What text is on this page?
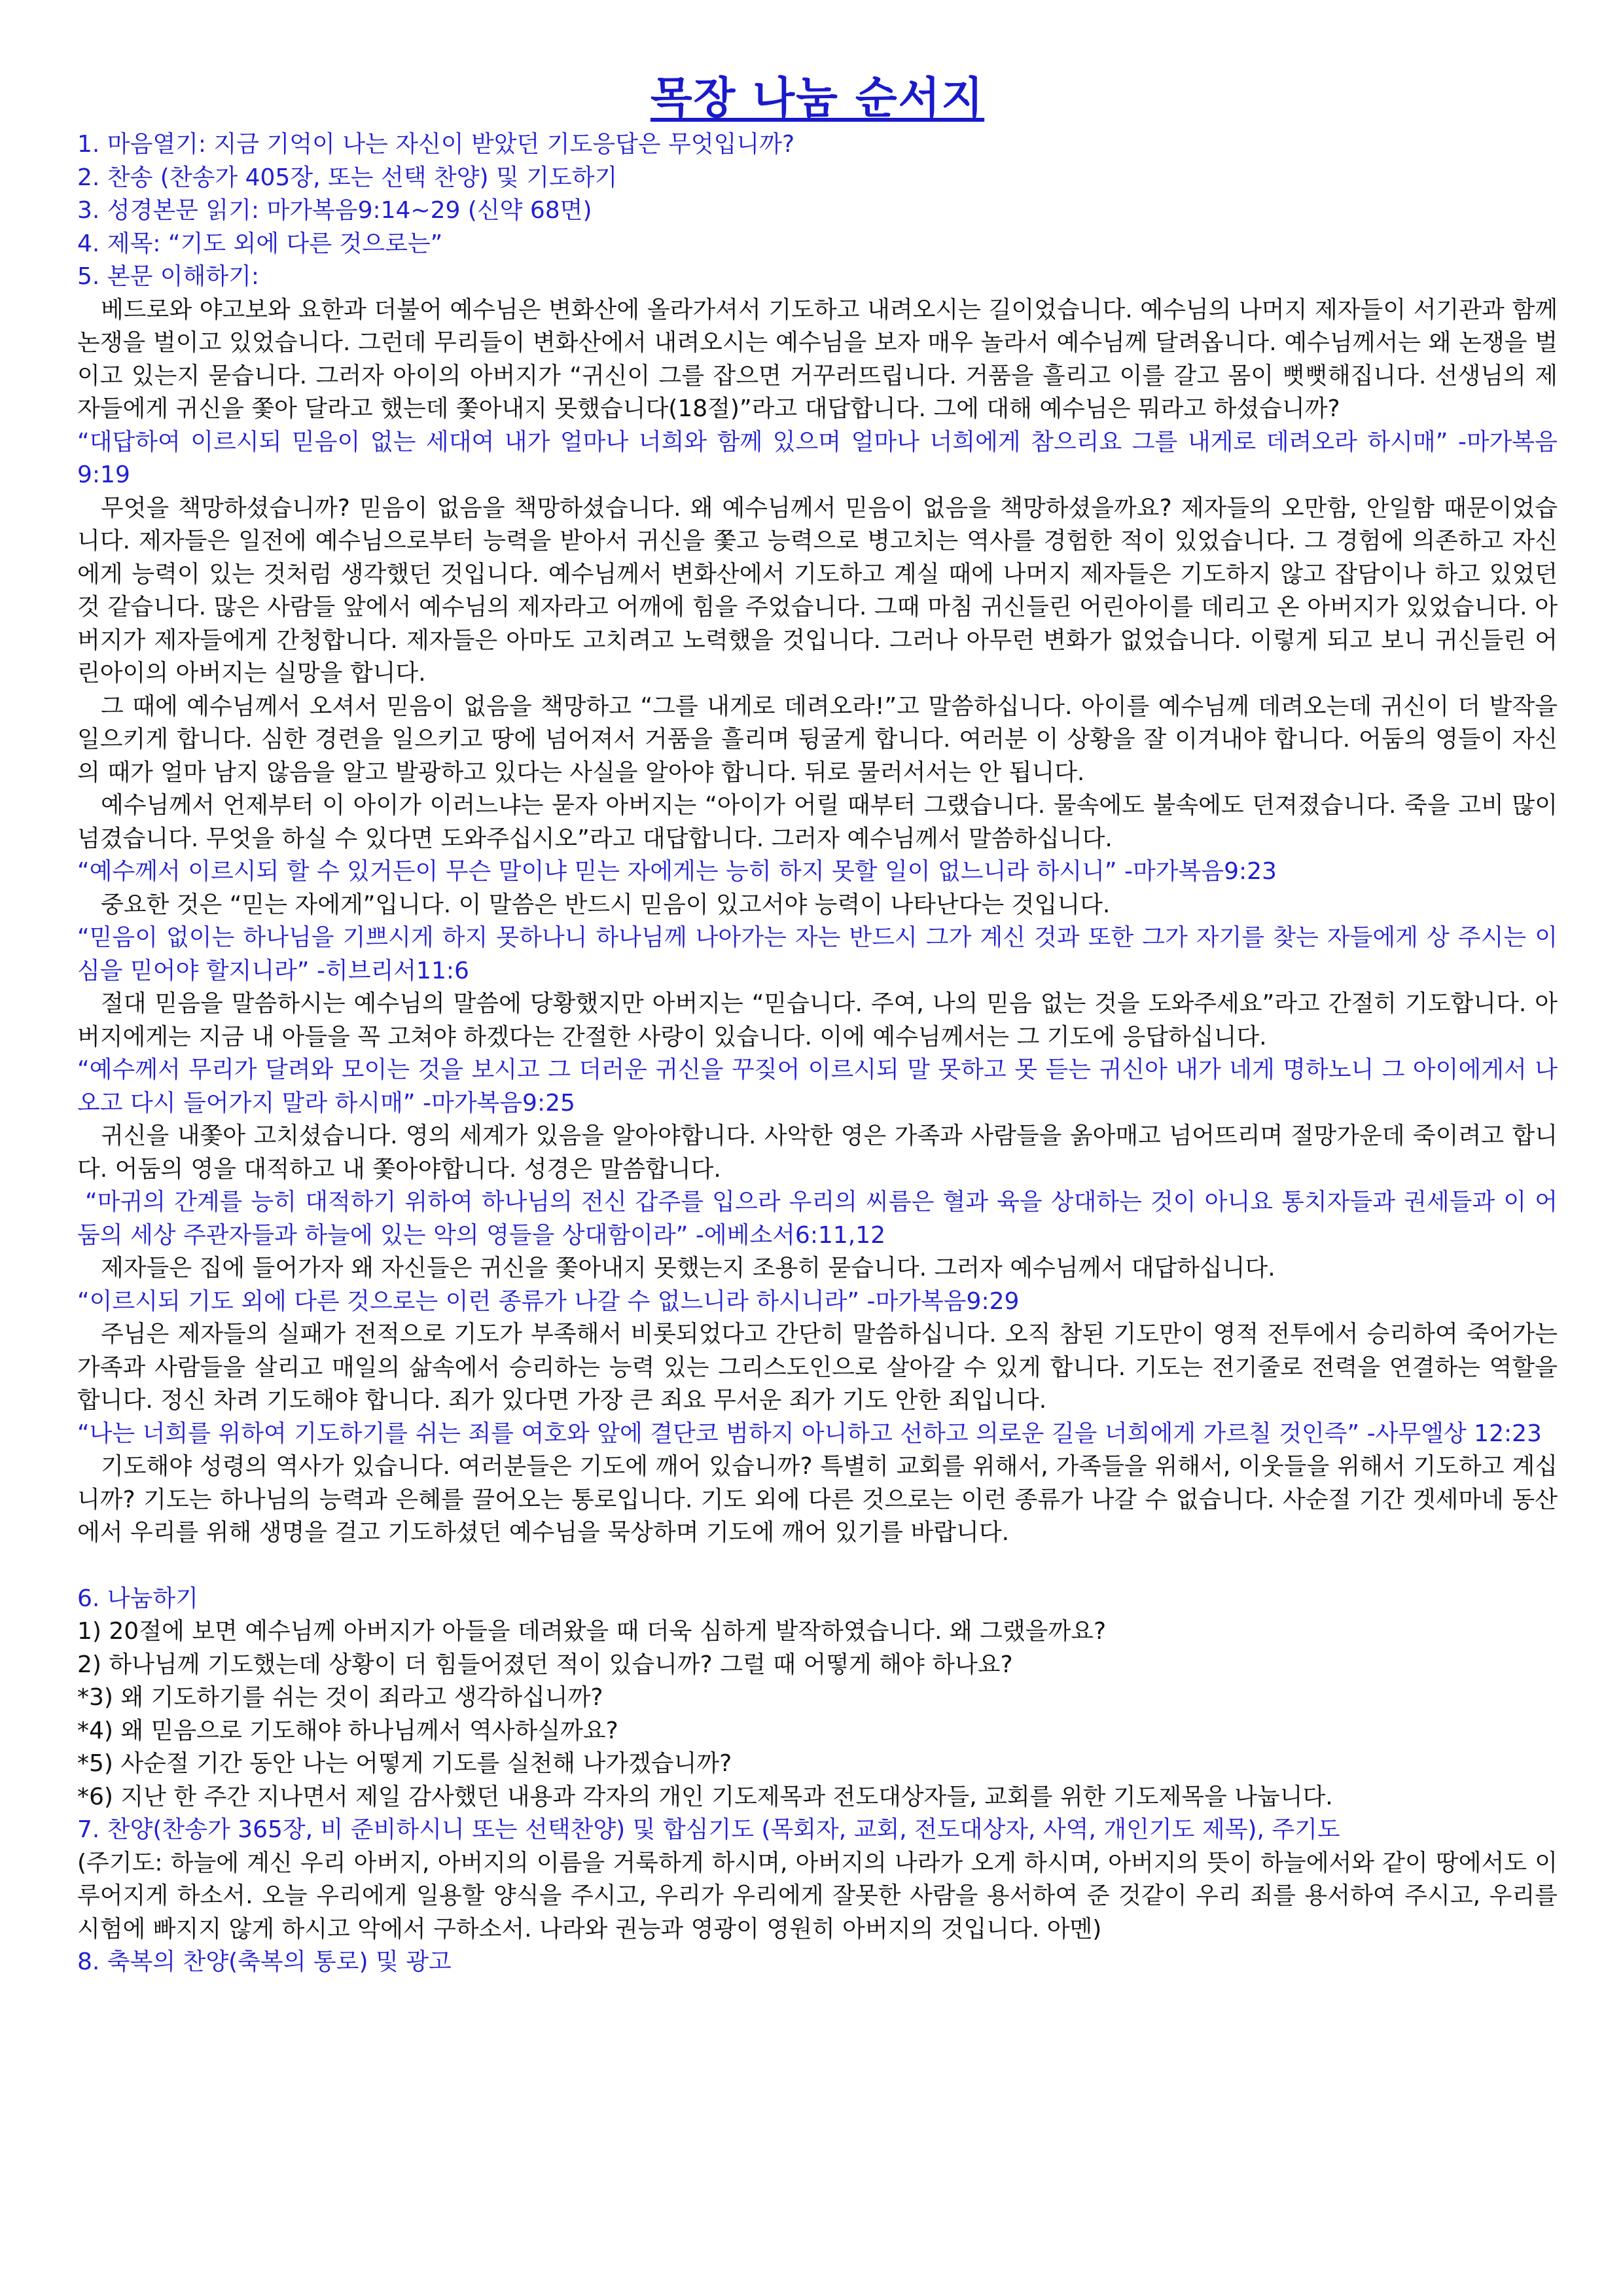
목장 나눔 순서지
1. 마음열기: 지금 기억이 나는 자신이 받았던 기도응답은 무엇입니까?
2. 찬송 (찬송가 405장, 또는 선택 찬양) 및 기도하기
3. 성경본문 읽기: 마가복음9:14~29 (신약 68면)
4. 제목: “기도 외에 다른 것으로는”
5. 본문 이해하기:

베드로와 야고보와 요한과 더불어 예수님은 변화산에 올라가셔서 기도하고 내려오시는 길이었습니다. 예수님의 나머지 제자들이 서기관과 함께 논쟁을 벌이고 있었습니다. 그런데 무리들이 변화산에서 내려오시는 예수님을 보자 매우 놀라서 예수님께 달려옵니다. 예수님께서는 왜 논쟁을 벌이고 있는지 묻습니다. 그러자 아이의 아버지가 “귀신이 그를 잡으면 거꾸러뜨립니다. 거품을 흘리고 이를 갈고 몸이 뻣뻣해집니다. 선생님의 제자들에게 귀신을 쫓아 달라고 했는데 쫓아내지 못했습니다(18절)”라고 대답합니다. 그에 대해 예수님은 뭐라고 하셨습니까?

“대답하여 이르시되 믿음이 없는 세대여 내가 얼마나 너희와 함께 있으며 얼마나 너희에게 참으리요 그를 내게로 데려오라 하시매” -마가복음9:19

무엇을 책망하셨습니까? 믿음이 없음을 책망하셨습니다. 왜 예수님께서 믿음이 없음을 책망하셨을까요? 제자들의 오만함, 안일함 때문이었습니다. 제자들은 일전에 예수님으로부터 능력을 받아서 귀신을 쫓고 능력으로 병고치는 역사를 경험한 적이 있었습니다. 그 경험에 의존하고 자신에게 능력이 있는 것처럼 생각했던 것입니다. 예수님께서 변화산에서 기도하고 계실 때에 나머지 제자들은 기도하지 않고 잡담이나 하고 있었던 것 같습니다. 많은 사람들 앞에서 예수님의 제자라고 어깨에 힘을 주었습니다. 그때 마침 귀신들린 어린아이를 데리고 온 아버지가 있었습니다. 아버지가 제자들에게 간청합니다. 제자들은 아마도 고치려고 노력했을 것입니다. 그러나 아무런 변화가 없었습니다. 이렇게 되고 보니 귀신들린 어린아이의 아버지는 실망을 합니다.

그 때에 예수님께서 오셔서 믿음이 없음을 책망하고 “그를 내게로 데려오라!”고 말씀하십니다. 아이를 예수님께 데려오는데 귀신이 더 발작을 일으키게 합니다. 심한 경련을 일으키고 땅에 넘어져서 거품을 흘리며 뒹굴게 합니다. 여러분 이 상황을 잘 이겨내야 합니다. 어둠의 영들이 자신의 때가 얼마 남지 않음을 알고 발광하고 있다는 사실을 알아야 합니다. 뒤로 물러서서는 안 됩니다.

예수님께서 언제부터 이 아이가 이러느냐는 묻자 아버지는 “아이가 어릴 때부터 그랬습니다. 물속에도 불속에도 던져졌습니다. 죽을 고비 많이 넘겼습니다. 무엇을 하실 수 있다면 도와주십시오”라고 대답합니다. 그러자 예수님께서 말씀하십니다.

“예수께서 이르시되 할 수 있거든이 무슨 말이냐 믿는 자에게는 능히 하지 못할 일이 없느니라 하시니” -마가복음9:23

중요한 것은 “믿는 자에게”입니다. 이 말씀은 반드시 믿음이 있고서야 능력이 나타난다는 것입니다.

“믿음이 없이는 하나님을 기쁘시게 하지 못하나니 하나님께 나아가는 자는 반드시 그가 계신 것과 또한 그가 자기를 찾는 자들에게 상 주시는 이심을 믿어야 할지니라” -히브리서11:6

절대 믿음을 말씀하시는 예수님의 말씀에 당황했지만 아버지는 “믿습니다. 주여, 나의 믿음 없는 것을 도와주세요”라고 간절히 기도합니다. 아버지에게는 지금 내 아들을 꼭 고쳐야 하겠다는 간절한 사랑이 있습니다. 이에 예수님께서는 그 기도에 응답하십니다.

“예수께서 무리가 달려와 모이는 것을 보시고 그 더러운 귀신을 꾸짖어 이르시되 말 못하고 못 듣는 귀신아 내가 네게 명하노니 그 아이에게서 나오고 다시 들어가지 말라 하시매” -마가복음9:25

귀신을 내쫓아 고치셨습니다. 영의 세계가 있음을 알아야합니다. 사악한 영은 가족과 사람들을 옭아매고 넘어뜨리며 절망가운데 죽이려고 합니다. 어둠의 영을 대적하고 내 쫓아야합니다. 성경은 말씀합니다.

“마귀의 간계를 능히 대적하기 위하여 하나님의 전신 갑주를 입으라 우리의 씨름은 혈과 육을 상대하는 것이 아니요 통치자들과 권세들과 이 어둠의 세상 주관자들과 하늘에 있는 악의 영들을 상대함이라” -에베소서6:11,12

제자들은 집에 들어가자 왜 자신들은 귀신을 쫓아내지 못했는지 조용히 묻습니다. 그러자 예수님께서 대답하십니다.

“이르시되 기도 외에 다른 것으로는 이런 종류가 나갈 수 없느니라 하시니라” -마가복음9:29

주님은 제자들의 실패가 전적으로 기도가 부족해서 비롯되었다고 간단히 말씀하십니다. 오직 참된 기도만이 영적 전투에서 승리하여 죽어가는 가족과 사람들을 살리고 매일의 삶속에서 승리하는 능력 있는 그리스도인으로 살아갈 수 있게 합니다. 기도는 전기줄로 전력을 연결하는 역할을 합니다. 정신 차려 기도해야 합니다. 죄가 있다면 가장 큰 죄요 무서운 죄가 기도 안한 죄입니다.

“나는 너희를 위하여 기도하기를 쉬는 죄를 여호와 앞에 결단코 범하지 아니하고 선하고 의로운 길을 너희에게 가르칠 것인즉” -사무엘상 12:23

기도해야 성령의 역사가 있습니다. 여러분들은 기도에 깨어 있습니까? 특별히 교회를 위해서, 가족들을 위해서, 이웃들을 위해서 기도하고 계십니까? 기도는 하나님의 능력과 은혜를 끌어오는 통로입니다. 기도 외에 다른 것으로는 이런 종류가 나갈 수 없습니다. 사순절 기간 겟세마네 동산에서 우리를 위해 생명을 걸고 기도하셨던 예수님을 묵상하며 기도에 깨어 있기를 바랍니다.

6. 나눔하기

1) 20절에 보면 예수님께 아버지가 아들을 데려왔을 때 더욱 심하게 발작하였습니다. 왜 그랬을까요?

2) 하나님께 기도했는데 상황이 더 힘들어졌던 적이 있습니까? 그럴 때 어떻게 해야 하나요?

*3) 왜 기도하기를 쉬는 것이 죄라고 생각하십니까?

*4) 왜 믿음으로 기도해야 하나님께서 역사하실까요?

*5) 사순절 기간 동안 나는 어떻게 기도를 실천해 나가겠습니까?

*6) 지난 한 주간 지나면서 제일 감사했던 내용과 각자의 개인 기도제목과 전도대상자들, 교회를 위한 기도제목을 나눕니다.

7. 찬양(찬송가 365장, 비 준비하시니 또는 선택찬양) 및 합심기도 (목회자, 교회, 전도대상자, 사역, 개인기도 제목), 주기도

(주기도: 하늘에 계신 우리 아버지, 아버지의 이름을 거룩하게 하시며, 아버지의 나라가 오게 하시며, 아버지의 뜻이 하늘에서와 같이 땅에서도 이루어지게 하소서. 오늘 우리에게 일용할 양식을 주시고, 우리가 우리에게 잘못한 사람을 용서하여 준 것같이 우리 죄를 용서하여 주시고, 우리를 시험에 빠지지 않게 하시고 악에서 구하소서. 나라와 권능과 영광이 영원히 아버지의 것입니다. 아멘)

8. 축복의 찬양(축복의 통로) 및 광고
